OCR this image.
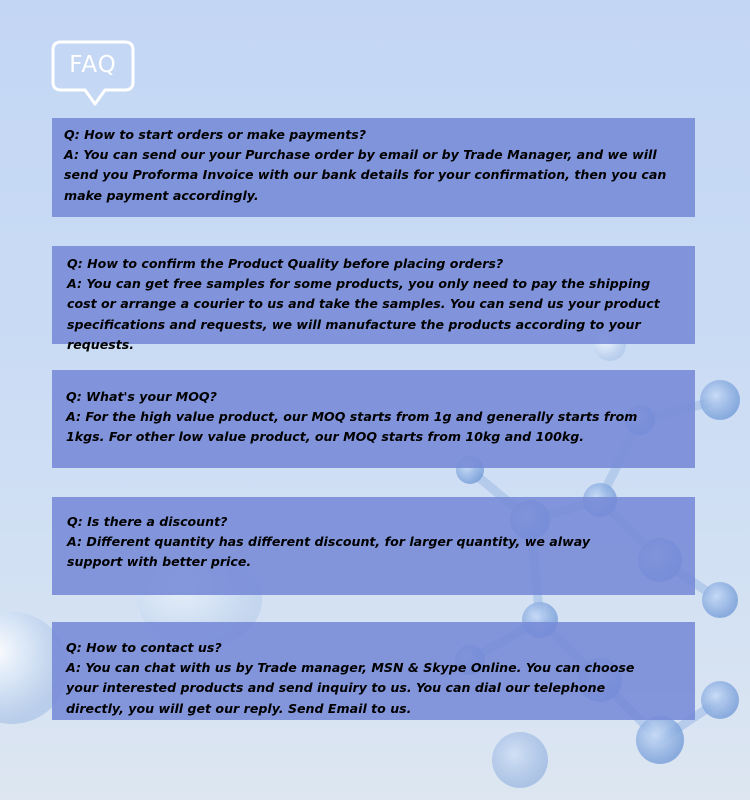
FAQ

Q: How to start orders or make payments?

A: You can send our your Purchase order by email or by Trade Manager, and we will send you Proforma Invoice with our bank details for your confirmation, then you can make payment accordingly.

Q: How to confirm the Product Quality before placing orders?

A: You can get free samples for some products, you only need to pay the shipping cost or arrange a courier to us and take the samples. You can send us your product specifications and requests, we will manufacture the products according to your requests.

Q: What's your MOQ?

A: For the high value product, our MOQ starts from 1g and generally starts from 1kgs. For other low value product, our MOQ starts from 10kg and 100kg.

Q: Is there a discount?

A: Different quantity has different discount, for larger quantity, we alway support with better price.

Q: How to contact us?

A: You can chat with us by Trade manager, MSN & Skype Online. You can choose your interested products and send inquiry to us. You can dial our telephone directly, you will get our reply. Send Email to us.
